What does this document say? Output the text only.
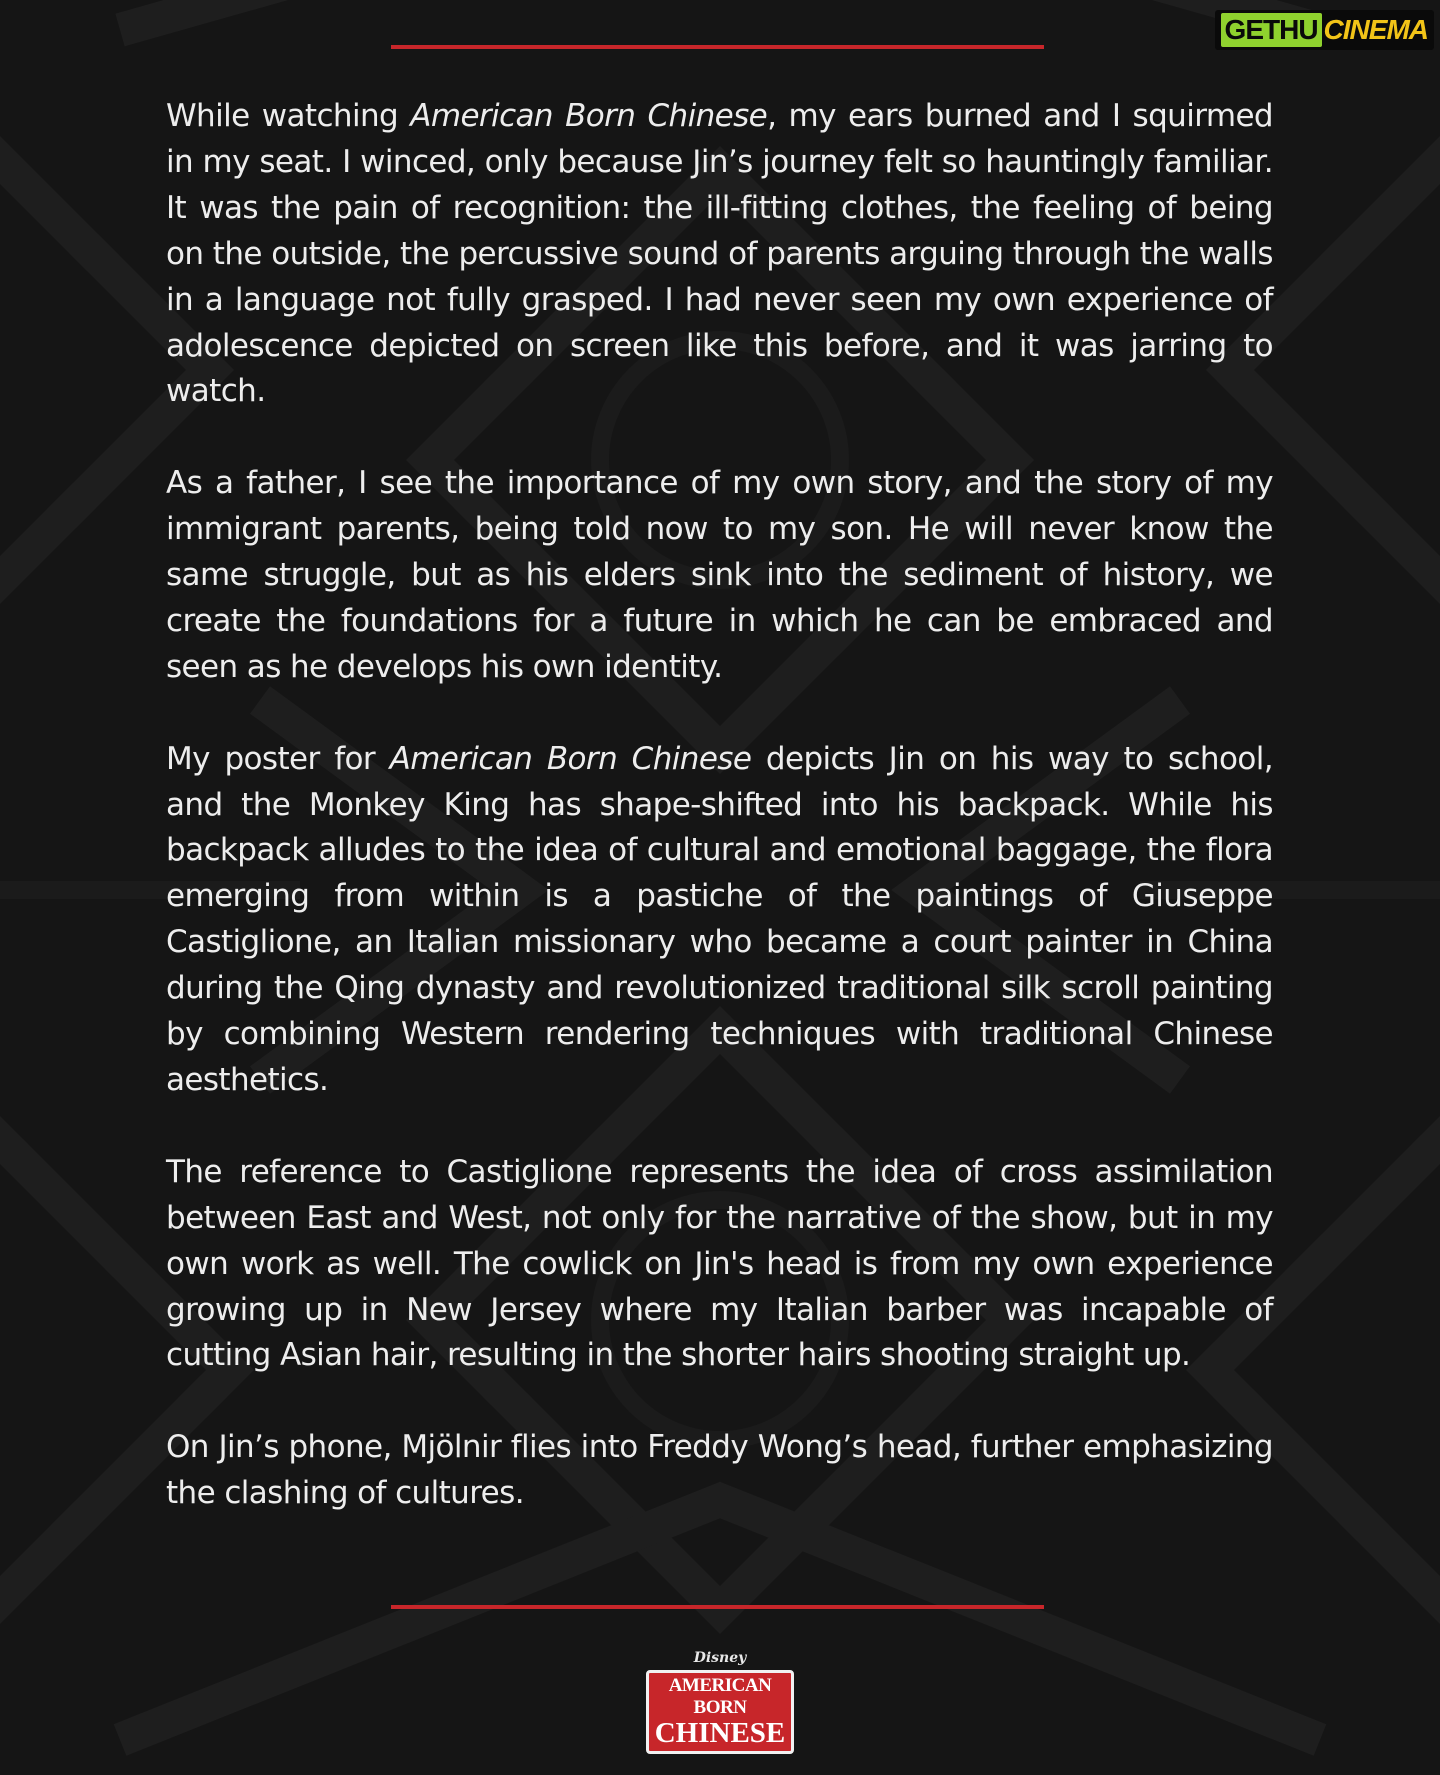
GETHU CINEMA

While watching American Born Chinese, my ears burned and I squirmed in my seat. I winced, only because Jin’s journey felt so hauntingly familiar. It was the pain of recognition: the ill-fitting clothes, the feeling of being on the outside, the percussive sound of parents arguing through the walls in a language not fully grasped. I had never seen my own experience of adolescence depicted on screen like this before, and it was jarring to watch.

As a father, I see the importance of my own story, and the story of my immigrant parents, being told now to my son. He will never know the same struggle, but as his elders sink into the sediment of history, we create the foundations for a future in which he can be embraced and seen as he develops his own identity.

My poster for American Born Chinese depicts Jin on his way to school, and the Monkey King has shape-shifted into his backpack. While his backpack alludes to the idea of cultural and emotional baggage, the flora emerging from within is a pastiche of the paintings of Giuseppe Castiglione, an Italian missionary who became a court painter in China during the Qing dynasty and revolutionized traditional silk scroll painting by combining Western rendering techniques with traditional Chinese aesthetics.

The reference to Castiglione represents the idea of cross assimilation between East and West, not only for the narrative of the show, but in my own work as well. The cowlick on Jin's head is from my own experience growing up in New Jersey where my Italian barber was incapable of cutting Asian hair, resulting in the shorter hairs shooting straight up.

On Jin’s phone, Mjölnir flies into Freddy Wong’s head, further emphasizing the clashing of cultures.

Disney
AMERICAN BORN
CHINESE
